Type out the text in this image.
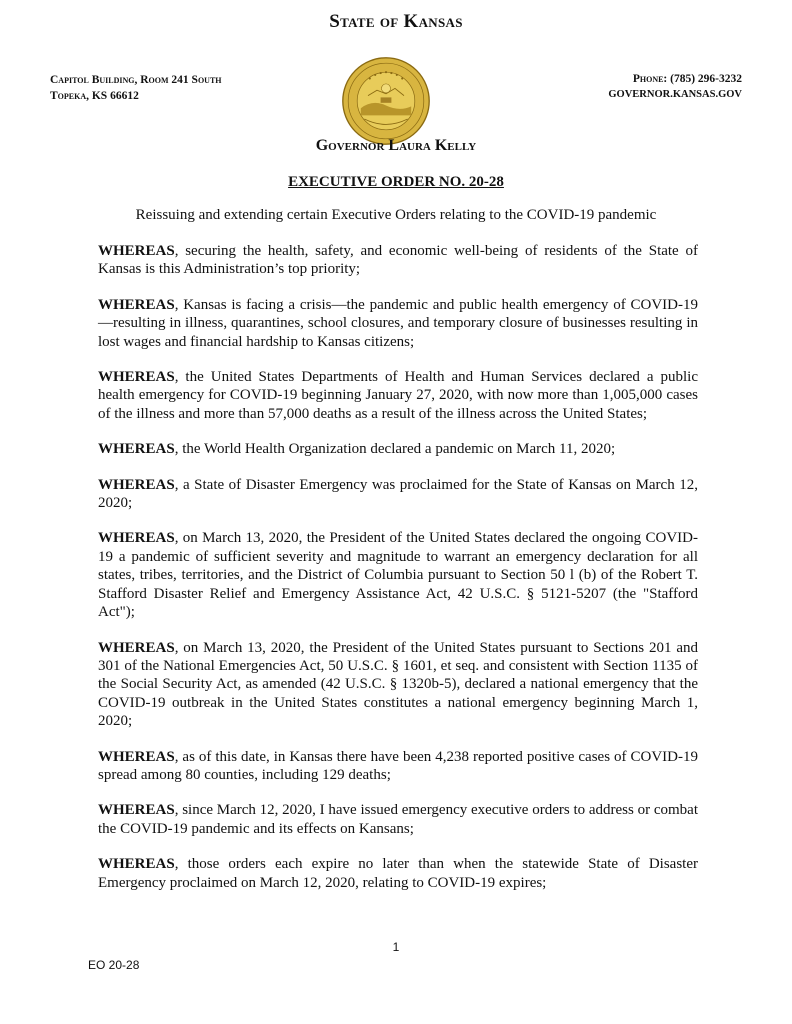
State of Kansas
Capitol Building, Room 241 South
Topeka, KS 66612
Phone: (785) 296-3232
GOVERNOR.KANSAS.GOV
Governor Laura Kelly
EXECUTIVE ORDER NO. 20-28
Reissuing and extending certain Executive Orders relating to the COVID-19 pandemic

WHEREAS, securing the health, safety, and economic well-being of residents of the State of Kansas is this Administration’s top priority;

WHEREAS, Kansas is facing a crisis—the pandemic and public health emergency of COVID-19—resulting in illness, quarantines, school closures, and temporary closure of businesses resulting in lost wages and financial hardship to Kansas citizens;

WHEREAS, the United States Departments of Health and Human Services declared a public health emergency for COVID-19 beginning January 27, 2020, with now more than 1,005,000 cases of the illness and more than 57,000 deaths as a result of the illness across the United States;

WHEREAS, the World Health Organization declared a pandemic on March 11, 2020;

WHEREAS, a State of Disaster Emergency was proclaimed for the State of Kansas on March 12, 2020;

WHEREAS, on March 13, 2020, the President of the United States declared the ongoing COVID-19 a pandemic of sufficient severity and magnitude to warrant an emergency declaration for all states, tribes, territories, and the District of Columbia pursuant to Section 50 l (b) of the Robert T. Stafford Disaster Relief and Emergency Assistance Act, 42 U.S.C. § 5121-5207 (the "Stafford Act");

WHEREAS, on March 13, 2020, the President of the United States pursuant to Sections 201 and 301 of the National Emergencies Act, 50 U.S.C. § 1601, et seq. and consistent with Section 1135 of the Social Security Act, as amended (42 U.S.C. § 1320b-5), declared a national emergency that the COVID-19 outbreak in the United States constitutes a national emergency beginning March 1, 2020;

WHEREAS, as of this date, in Kansas there have been 4,238 reported positive cases of COVID-19 spread among 80 counties, including 129 deaths;

WHEREAS, since March 12, 2020, I have issued emergency executive orders to address or combat the COVID-19 pandemic and its effects on Kansans;

WHEREAS, those orders each expire no later than when the statewide State of Disaster Emergency proclaimed on March 12, 2020, relating to COVID-19 expires;

1
EO 20-28
